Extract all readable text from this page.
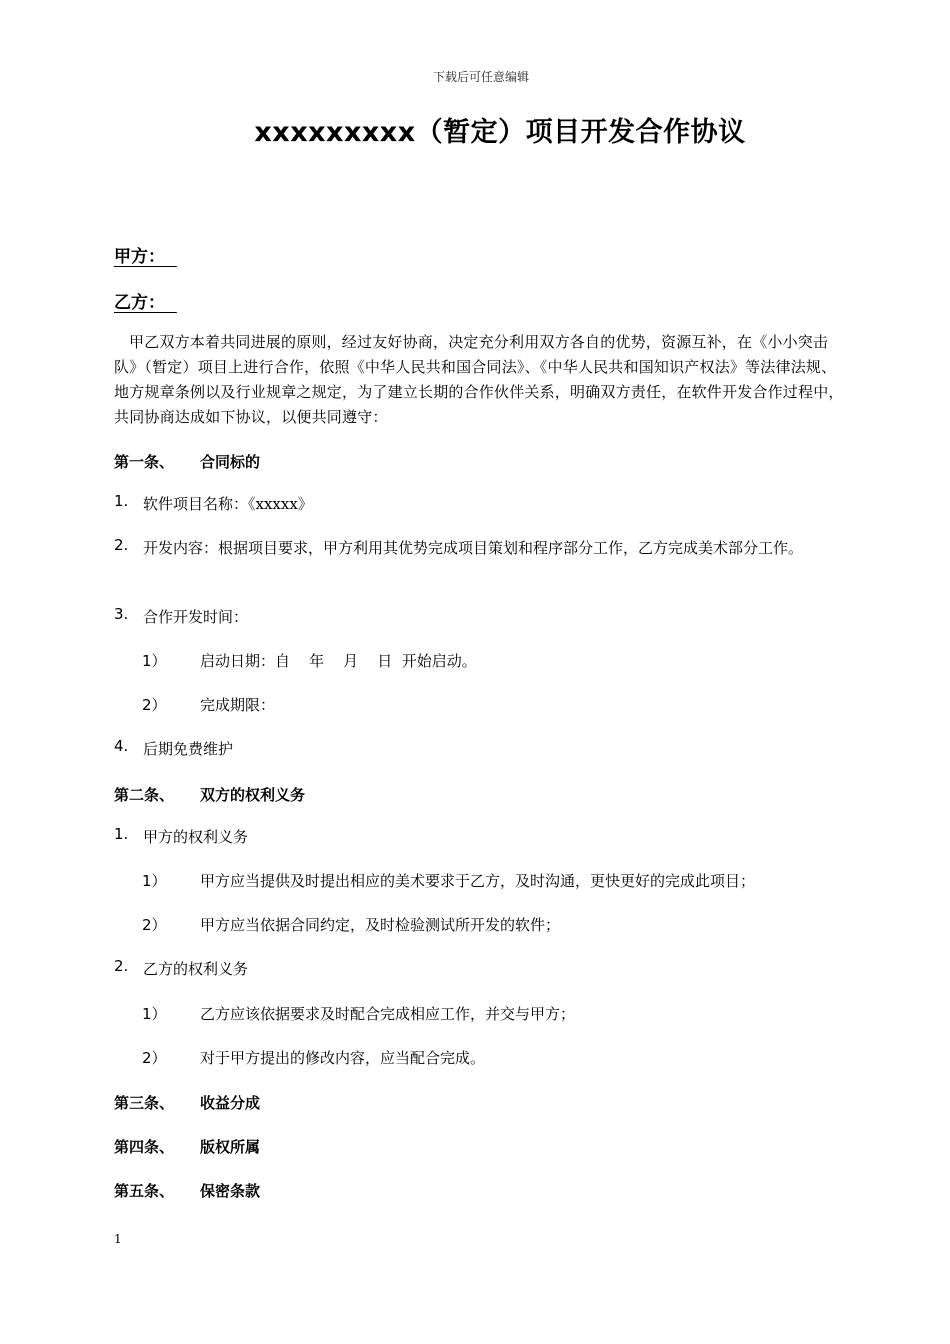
下载后可任意编辑
xxxxxxxxx（暂定）项目开发合作协议
甲方：
乙方：
甲乙双方本着共同进展的原则，经过友好协商，决定充分利用双方各自的优势，资源互补，在《小小突击队》（暂定）项目上进行合作，依照《中华人民共和国合同法》、《中华人民共和国知识产权法》等法律法规、地方规章条例以及行业规章之规定，为了建立长期的合作伙伴关系，明确双方责任，在软件开发合作过程中，共同协商达成如下协议，以便共同遵守：
第一条、 合同标的
1. 软件项目名称：《xxxxx》
2. 开发内容：根据项目要求，甲方利用其优势完成项目策划和程序部分工作，乙方完成美术部分工作。
3. 合作开发时间：
1） 启动日期：自    年    月    日  开始启动。
2） 完成期限：
4. 后期免费维护
第二条、 双方的权利义务
1. 甲方的权利义务
1） 甲方应当提供及时提出相应的美术要求于乙方，及时沟通，更快更好的完成此项目；
2） 甲方应当依据合同约定，及时检验测试所开发的软件；
2. 乙方的权利义务
1） 乙方应该依据要求及时配合完成相应工作，并交与甲方；
2） 对于甲方提出的修改内容，应当配合完成。
第三条、 收益分成
第四条、 版权所属
第五条、 保密条款
1
